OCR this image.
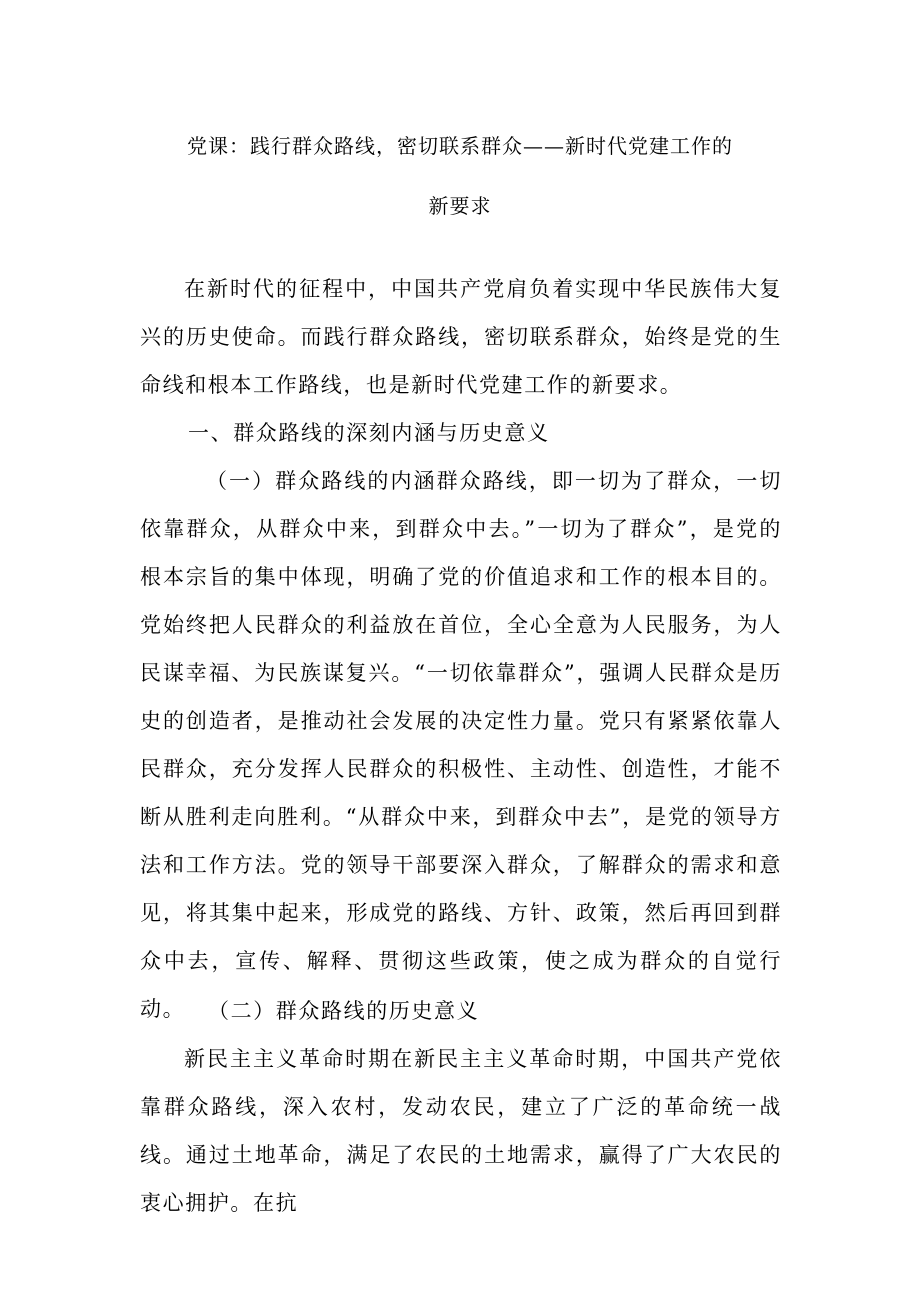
党课：践行群众路线，密切联系群众——新时代党建工作的
新要求
在新时代的征程中，中国共产党肩负着实现中华民族伟大复兴的历史使命。而践行群众路线，密切联系群众，始终是党的生命线和根本工作路线，也是新时代党建工作的新要求。
一、群众路线的深刻内涵与历史意义
（一）群众路线的内涵群众路线，即一切为了群众，一切依靠群众，从群众中来，到群众中去。”一切为了群众”，是党的根本宗旨的集中体现，明确了党的价值追求和工作的根本目的。党始终把人民群众的利益放在首位，全心全意为人民服务，为人民谋幸福、为民族谋复兴。“一切依靠群众”，强调人民群众是历史的创造者，是推动社会发展的决定性力量。党只有紧紧依靠人民群众，充分发挥人民群众的积极性、主动性、创造性，才能不断从胜利走向胜利。“从群众中来，到群众中去”，是党的领导方法和工作方法。党的领导干部要深入群众，了解群众的需求和意见，将其集中起来，形成党的路线、方针、政策，然后再回到群众中去，宣传、解释、贯彻这些政策，使之成为群众的自觉行动。	（二）群众路线的历史意义
新民主主义革命时期在新民主主义革命时期，中国共产党依靠群众路线，深入农村，发动农民，建立了广泛的革命统一战线。通过土地革命，满足了农民的土地需求，赢得了广大农民的衷心拥护。在抗
